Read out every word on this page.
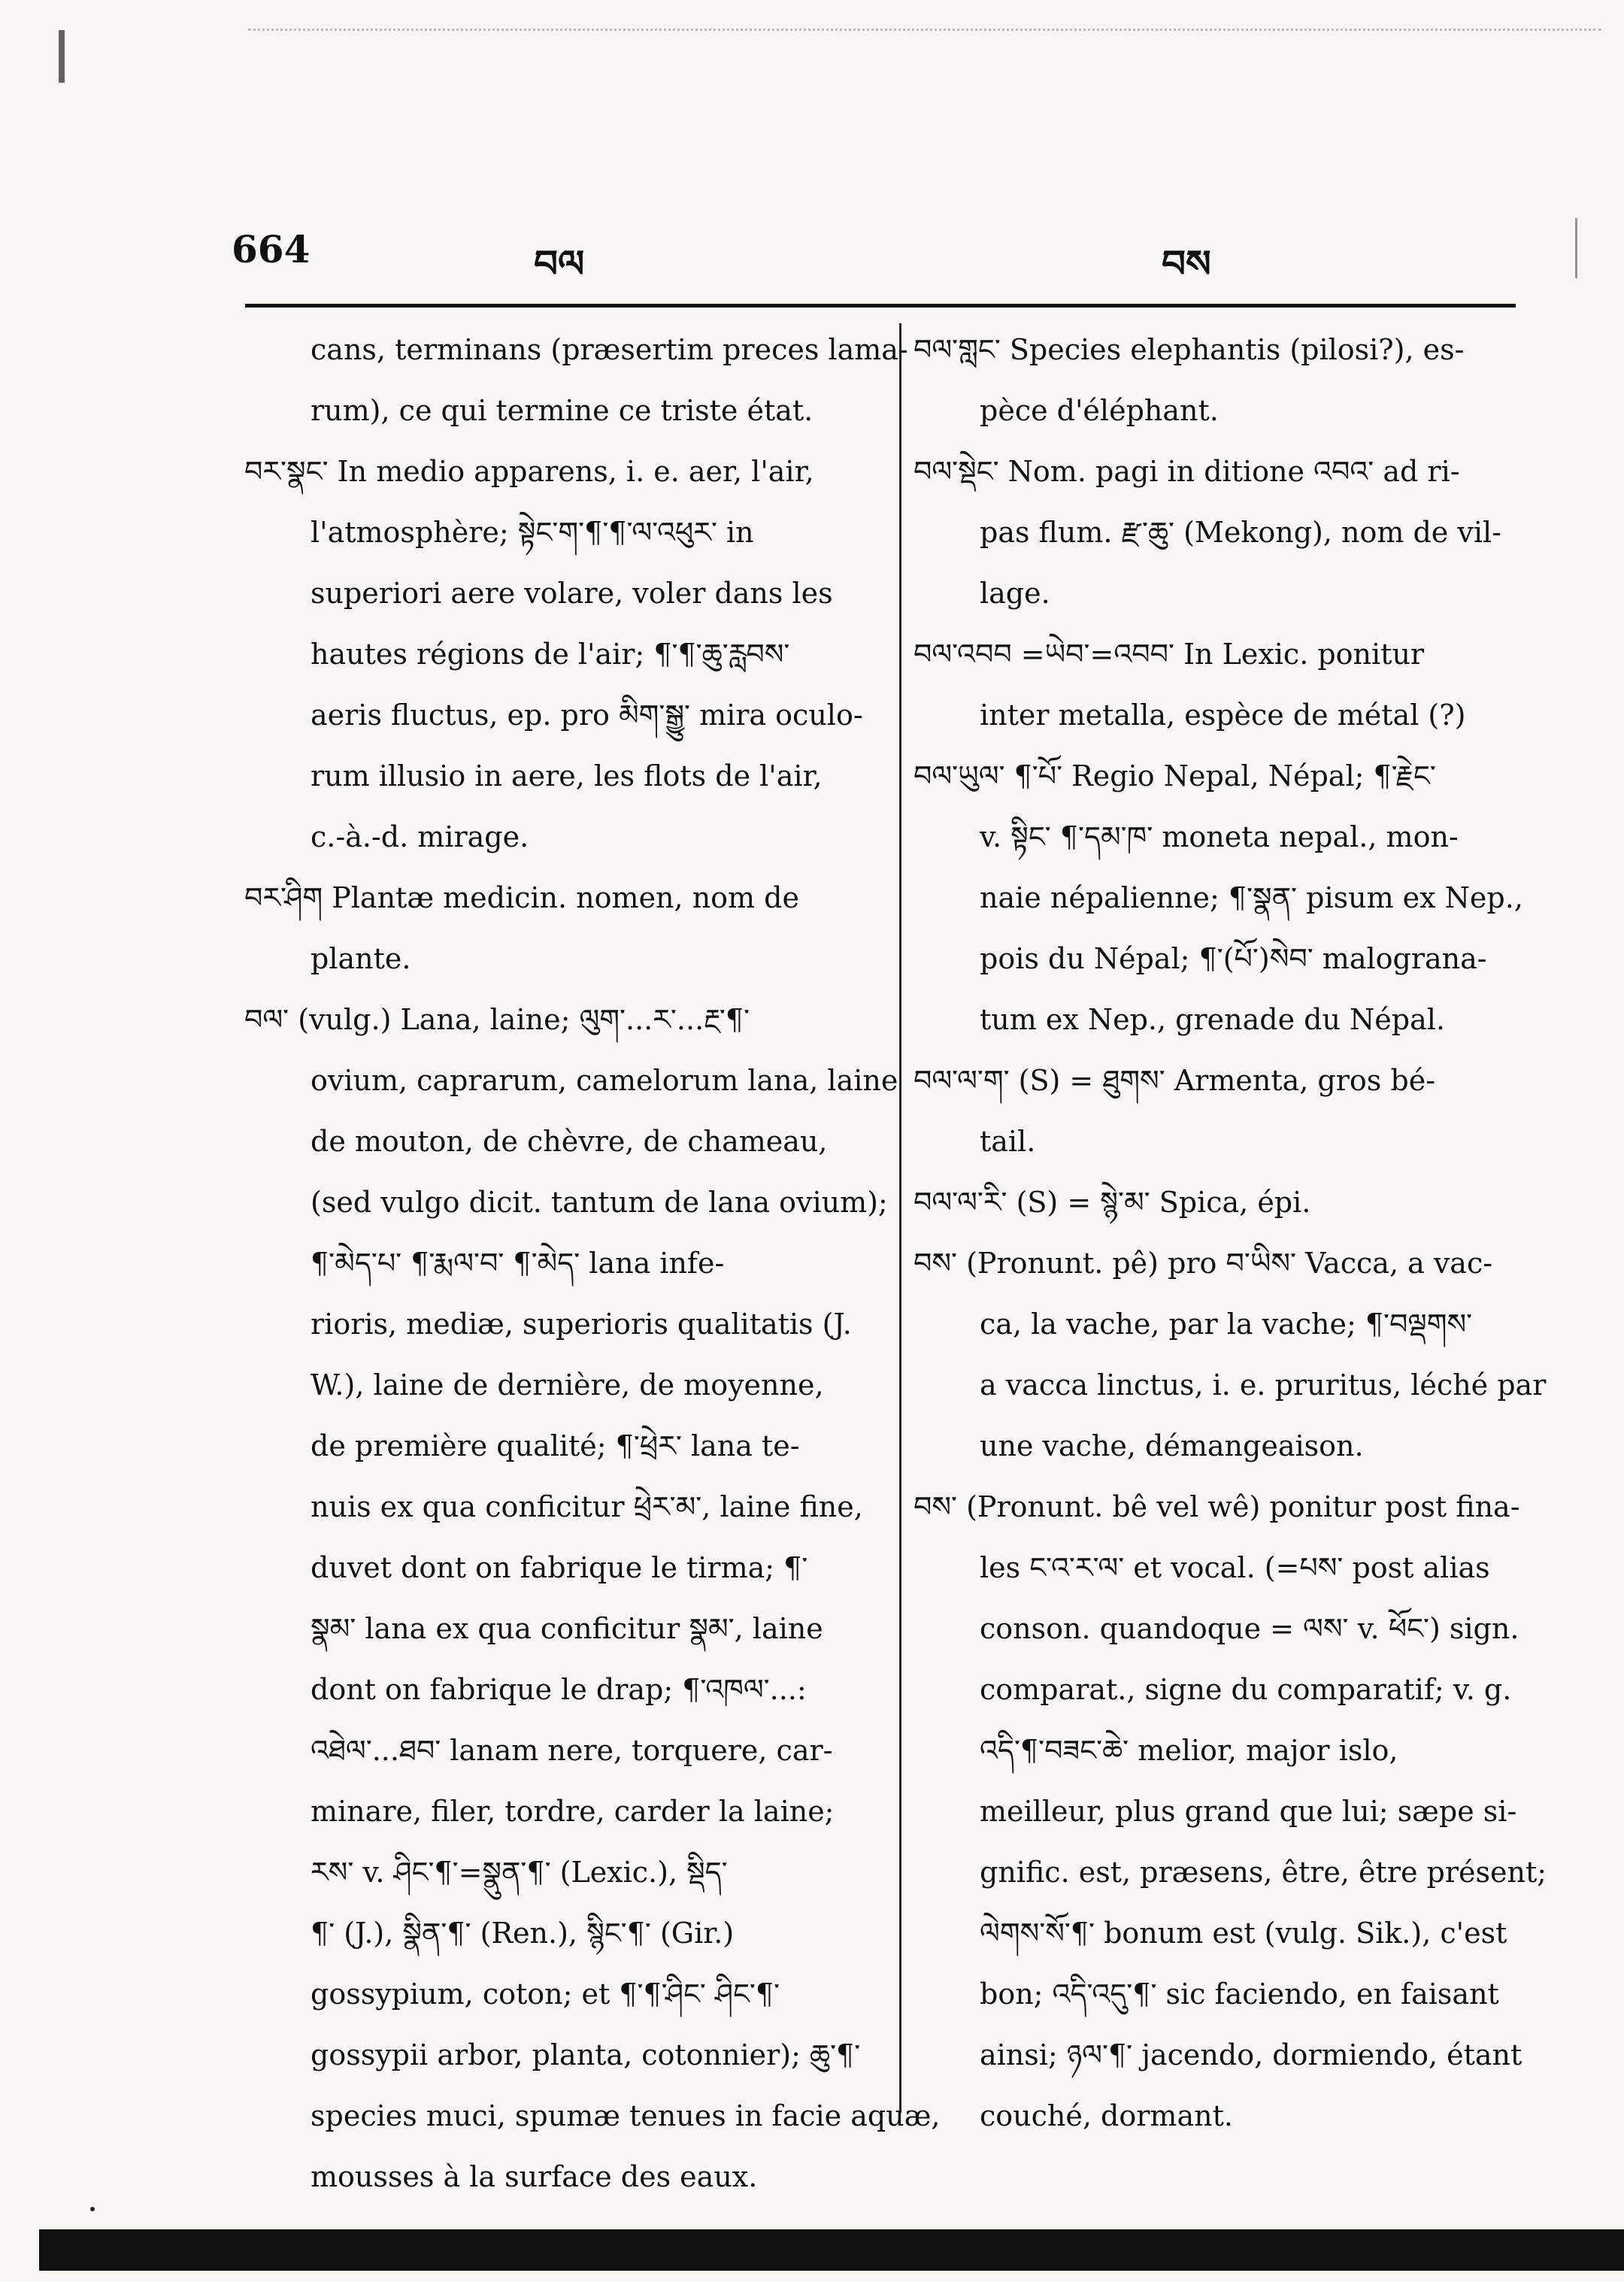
664	བལ	བས
cans, terminans (præsertim preces lama-
rum), ce qui termine ce triste état.
བར་སྣང་ In medio apparens, i. e. aer, l'air,
l'atmosphère; སྟེང་ག་¶་¶་ལ་འཕུར་ in
superiori aere volare, voler dans les
hautes régions de l'air; ¶་¶་ཆུ་རླབས་
aeris fluctus, ep. pro མིག་སྒྱུ་ mira oculo-
rum illusio in aere, les flots de l'air,
c.-à.-d. mirage.
བར་ཤིག Plantæ medicin. nomen, nom de
plante.
བལ་ (vulg.) Lana, laine; ལུག་...ར་...རྔ་¶་
ovium, caprarum, camelorum lana, laine
de mouton, de chèvre, de chameau,
(sed vulgo dicit. tantum de lana ovium);
¶་མེད་པ་ ¶་རྨལ་བ་ ¶་མེད་ lana infe-
rioris, mediæ, superioris qualitatis (J.
W.), laine de dernière, de moyenne,
de première qualité; ¶་ཕྲེར་ lana te-
nuis ex qua conficitur ཕྲེར་མ་, laine fine,
duvet dont on fabrique le tirma; ¶་
སྣམ་ lana ex qua conficitur སྣམ་, laine
dont on fabrique le drap; ¶་འཁལ་...:
འཐེལ་...ཐབ་ lanam nere, torquere, car-
minare, filer, tordre, carder la laine;
རས་ v. ཤིང་¶་=སྣུན་¶་ (Lexic.), སྡིད་
¶་ (J.), སྣིན་¶་ (Ren.), སྙིང་¶་ (Gir.)
gossypium, coton; et ¶་¶་ཤིང་ ཤིང་¶་
gossypii arbor, planta, cotonnier); ཆུ་¶་
species muci, spumæ tenues in facie aquæ,
mousses à la surface des eaux.
བལ་གླང་ Species elephantis (pilosi?), es-
pèce d'éléphant.
བལ་སྡེང་ Nom. pagi in ditione འབའ་ ad ri-
pas flum. རྫ་ཆུ་ (Mekong), nom de vil-
lage.
བལ་འབབ =ཡེབ་=འབབ་ In Lexic. ponitur
inter metalla, espèce de métal (?)
བལ་ཡུལ་ ¶་པོ་ Regio Nepal, Népal; ¶་རྗེང་
v. སྟིང་ ¶་དམ་ཁ་ moneta nepal., mon-
naie népalienne; ¶་སྣན་ pisum ex Nep.,
pois du Népal; ¶་(པོ་)སེབ་ malograna-
tum ex Nep., grenade du Népal.
བལ་ལ་ག་ (S) = ཐུགས་ Armenta, gros bé-
tail.
བལ་ལ་རི་ (S) = སྙེ་མ་ Spica, épi.
བས་ (Pronunt. pê) pro བ་ཡིས་ Vacca, a vac-
ca, la vache, par la vache; ¶་བལྡགས་
a vacca linctus, i. e. pruritus, léché par
une vache, démangeaison.
བས་ (Pronunt. bê vel wê) ponitur post fina-
les ང་འ་ར་ལ་ et vocal. (=པས་ post alias
conson. quandoque = ལས་ v. ཕོང་) sign.
comparat., signe du comparatif; v. g.
འདི་¶་བཟང་ཆེ་ melior, major islo,
meilleur, plus grand que lui; sæpe si-
gnific. est, præsens, être, être présent;
ལེགས་སོ་¶་ bonum est (vulg. Sik.), c'est
bon; འདི་འདུ་¶་ sic faciendo, en faisant
ainsi; ཉལ་¶་ jacendo, dormiendo, étant
couché, dormant.
